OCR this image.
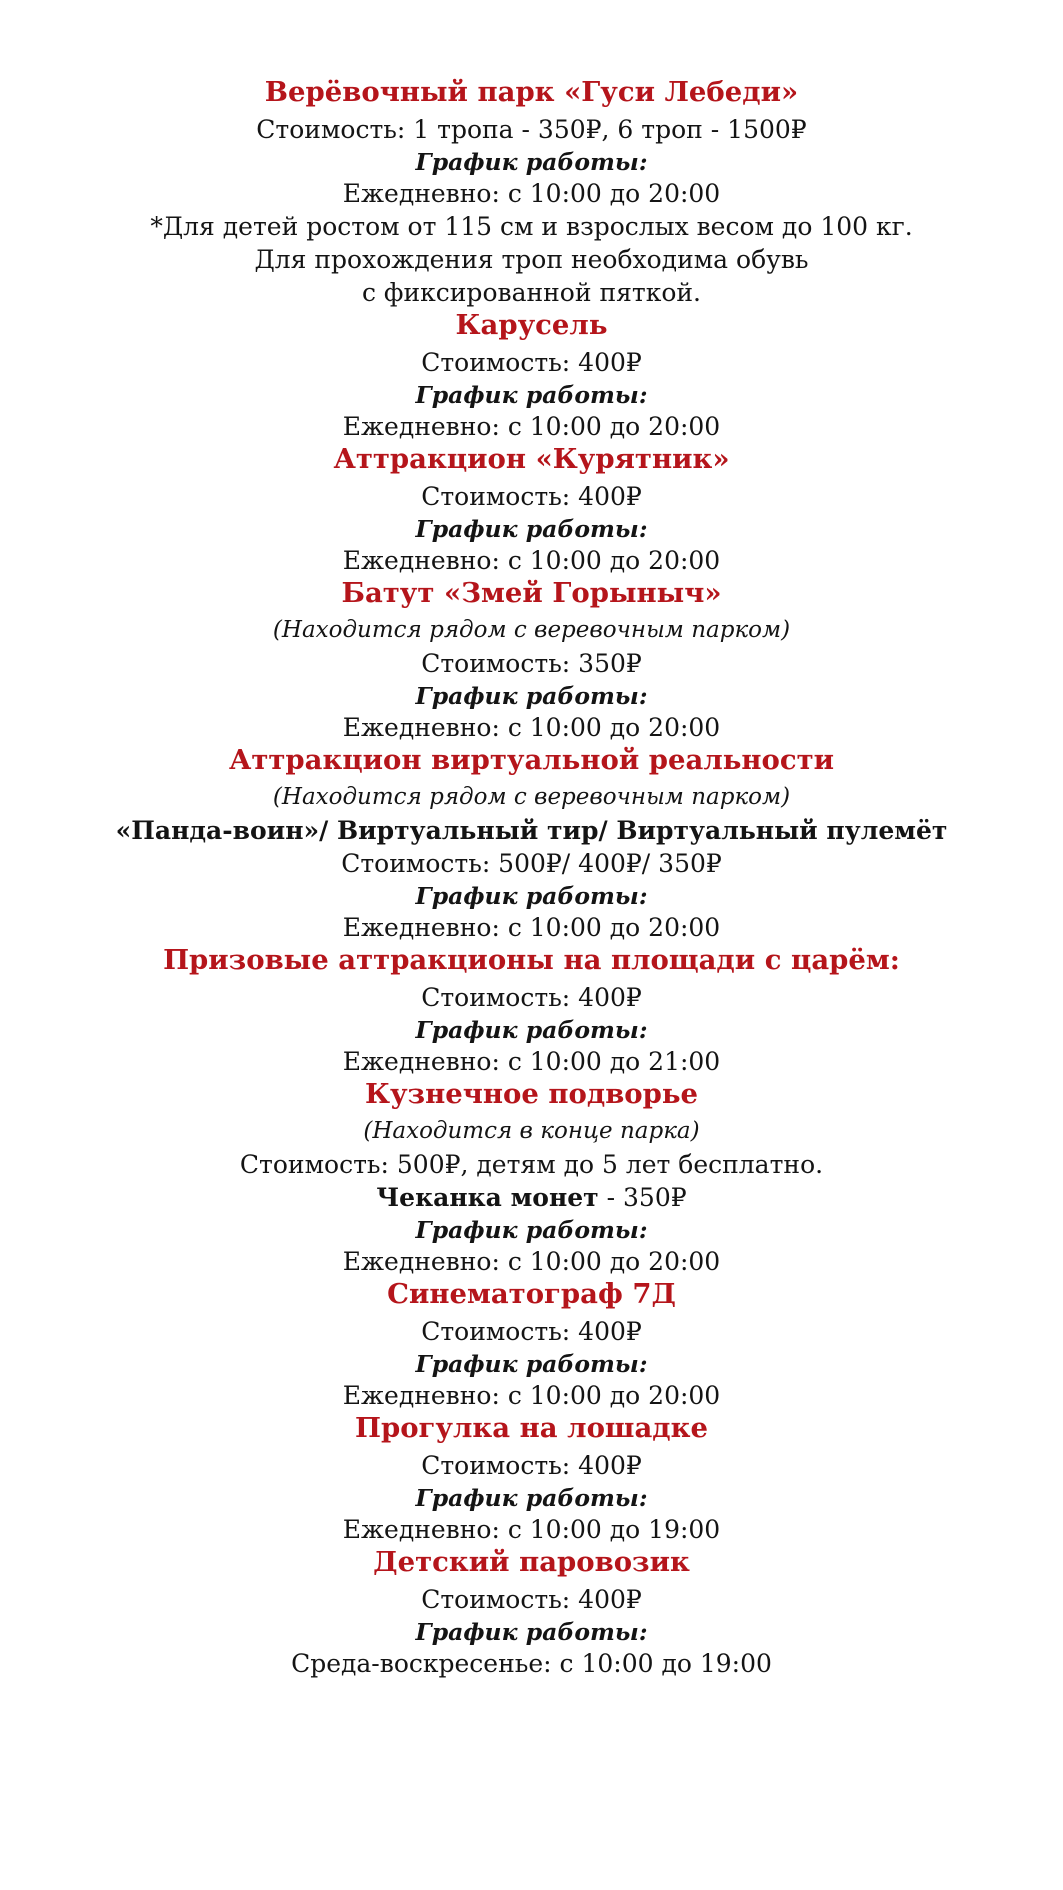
Верёвочный парк «Гуси Лебеди»

Стоимость: 1 тропа - 350₽, 6 троп - 1500₽

График работы:

Ежедневно: с 10:00 до 20:00

*Для детей ростом от 115 см и взрослых весом до 100 кг.

Для прохождения троп необходима обувь

с фиксированной пяткой.

Карусель

Стоимость: 400₽

График работы:

Ежедневно: с 10:00 до 20:00

Аттракцион «Курятник»

Стоимость: 400₽

График работы:

Ежедневно: с 10:00 до 20:00

Батут «Змей Горыныч»

(Находится рядом с веревочным парком)

Стоимость: 350₽

График работы:

Ежедневно: с 10:00 до 20:00

Аттракцион виртуальной реальности

(Находится рядом с веревочным парком)

«Панда-воин»/ Виртуальный тир/ Виртуальный пулемёт

Стоимость: 500₽/ 400₽/ 350₽

График работы:

Ежедневно: с 10:00 до 20:00

Призовые аттракционы на площади с царём:

Стоимость: 400₽

График работы:

Ежедневно: с 10:00 до 21:00

Кузнечное подворье

(Находится в конце парка)

Стоимость: 500₽, детям до 5 лет бесплатно.

Чеканка монет - 350₽

График работы:

Ежедневно: с 10:00 до 20:00

Синематограф 7Д

Стоимость: 400₽

График работы:

Ежедневно: с 10:00 до 20:00

Прогулка на лошадке

Стоимость: 400₽

График работы:

Ежедневно: с 10:00 до 19:00

Детский паровозик

Стоимость: 400₽

График работы:

Среда-воскресенье: с 10:00 до 19:00
